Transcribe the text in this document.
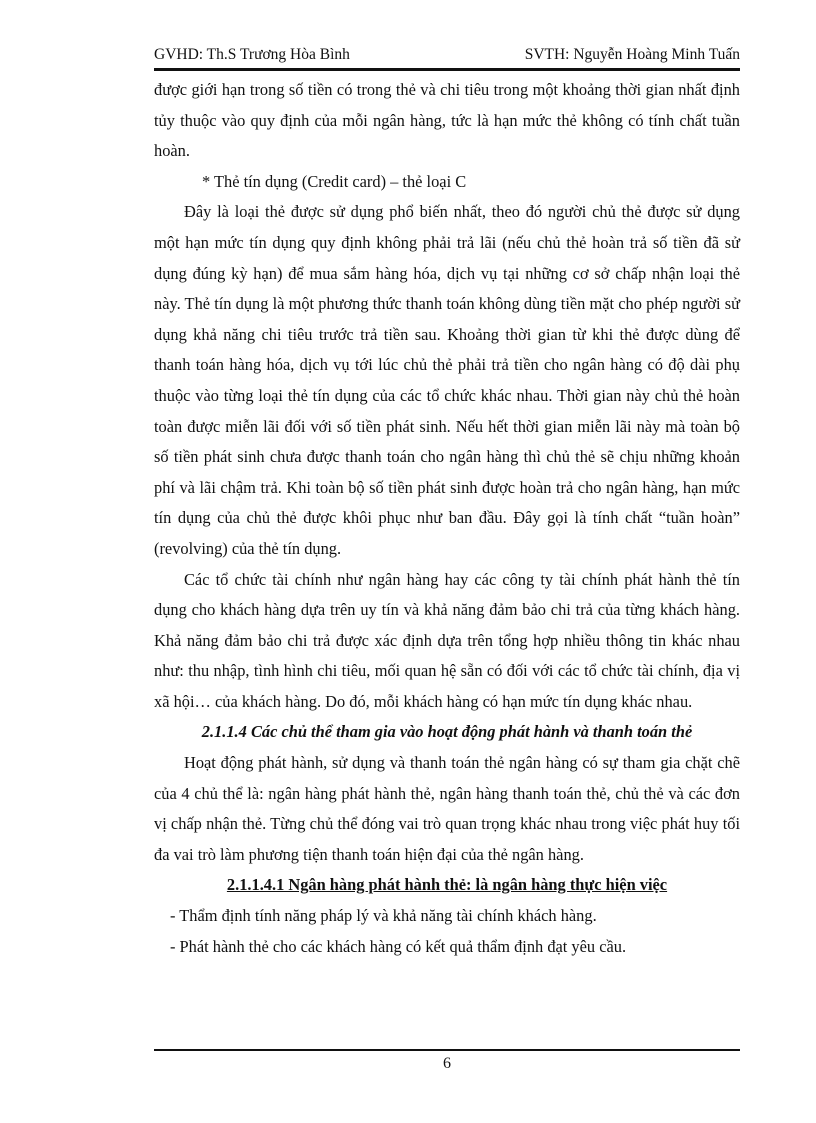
GVHD: Th.S Trương Hòa Bình	SVTH: Nguyễn Hoàng Minh Tuấn

được giới hạn trong số tiền có trong thẻ và chi tiêu trong một khoảng thời gian nhất định tủy thuộc vào quy định của mỗi ngân hàng, tức là hạn mức thẻ không có tính chất tuần hoàn.

* Thẻ tín dụng (Credit card) – thẻ loại C

Đây là loại thẻ được sử dụng phổ biến nhất, theo đó người chủ thẻ được sử dụng một hạn mức tín dụng quy định không phải trả lãi (nếu chủ thẻ hoàn trả số tiền đã sử dụng đúng kỳ hạn) để mua sắm hàng hóa, dịch vụ tại những cơ sở chấp nhận loại thẻ này. Thẻ tín dụng là một phương thức thanh toán không dùng tiền mặt cho phép người sử dụng khả năng chi tiêu trước trả tiền sau. Khoảng thời gian từ khi thẻ được dùng để thanh toán hàng hóa, dịch vụ tới lúc chủ thẻ phải trả tiền cho ngân hàng có độ dài phụ thuộc vào từng loại thẻ tín dụng của các tổ chức khác nhau. Thời gian này chủ thẻ hoàn toàn được miễn lãi đối với số tiền phát sinh. Nếu hết thời gian miễn lãi này mà toàn bộ số tiền phát sinh chưa được thanh toán cho ngân hàng thì chủ thẻ sẽ chịu những khoản phí và lãi chậm trả. Khi toàn bộ số tiền phát sinh được hoàn trả cho ngân hàng, hạn mức tín dụng của chủ thẻ được khôi phục như ban đầu. Đây gọi là tính chất “tuần hoàn” (revolving) của thẻ tín dụng.

Các tổ chức tài chính như ngân hàng hay các công ty tài chính phát hành thẻ tín dụng cho khách hàng dựa trên uy tín và khả năng đảm bảo chi trả của từng khách hàng. Khả năng đảm bảo chi trả được xác định dựa trên tổng hợp nhiều thông tin khác nhau như: thu nhập, tình hình chi tiêu, mối quan hệ sẵn có đối với các tổ chức tài chính, địa vị xã hội… của khách hàng. Do đó, mỗi khách hàng có hạn mức tín dụng khác nhau.

2.1.1.4 Các chủ thể tham gia vào hoạt động phát hành và thanh toán thẻ

Hoạt động phát hành, sử dụng và thanh toán thẻ ngân hàng có sự tham gia chặt chẽ của 4 chủ thể là: ngân hàng phát hành thẻ, ngân hàng thanh toán thẻ, chủ thẻ và các đơn vị chấp nhận thẻ. Từng chủ thể đóng vai trò quan trọng khác nhau trong việc phát huy tối đa vai trò làm phương tiện thanh toán hiện đại của thẻ ngân hàng.

2.1.1.4.1 Ngân hàng phát hành thẻ: là ngân hàng thực hiện việc

- Thẩm định tính năng pháp lý và khả năng tài chính khách hàng.

- Phát hành thẻ cho các khách hàng có kết quả thẩm định đạt yêu cầu.

6
